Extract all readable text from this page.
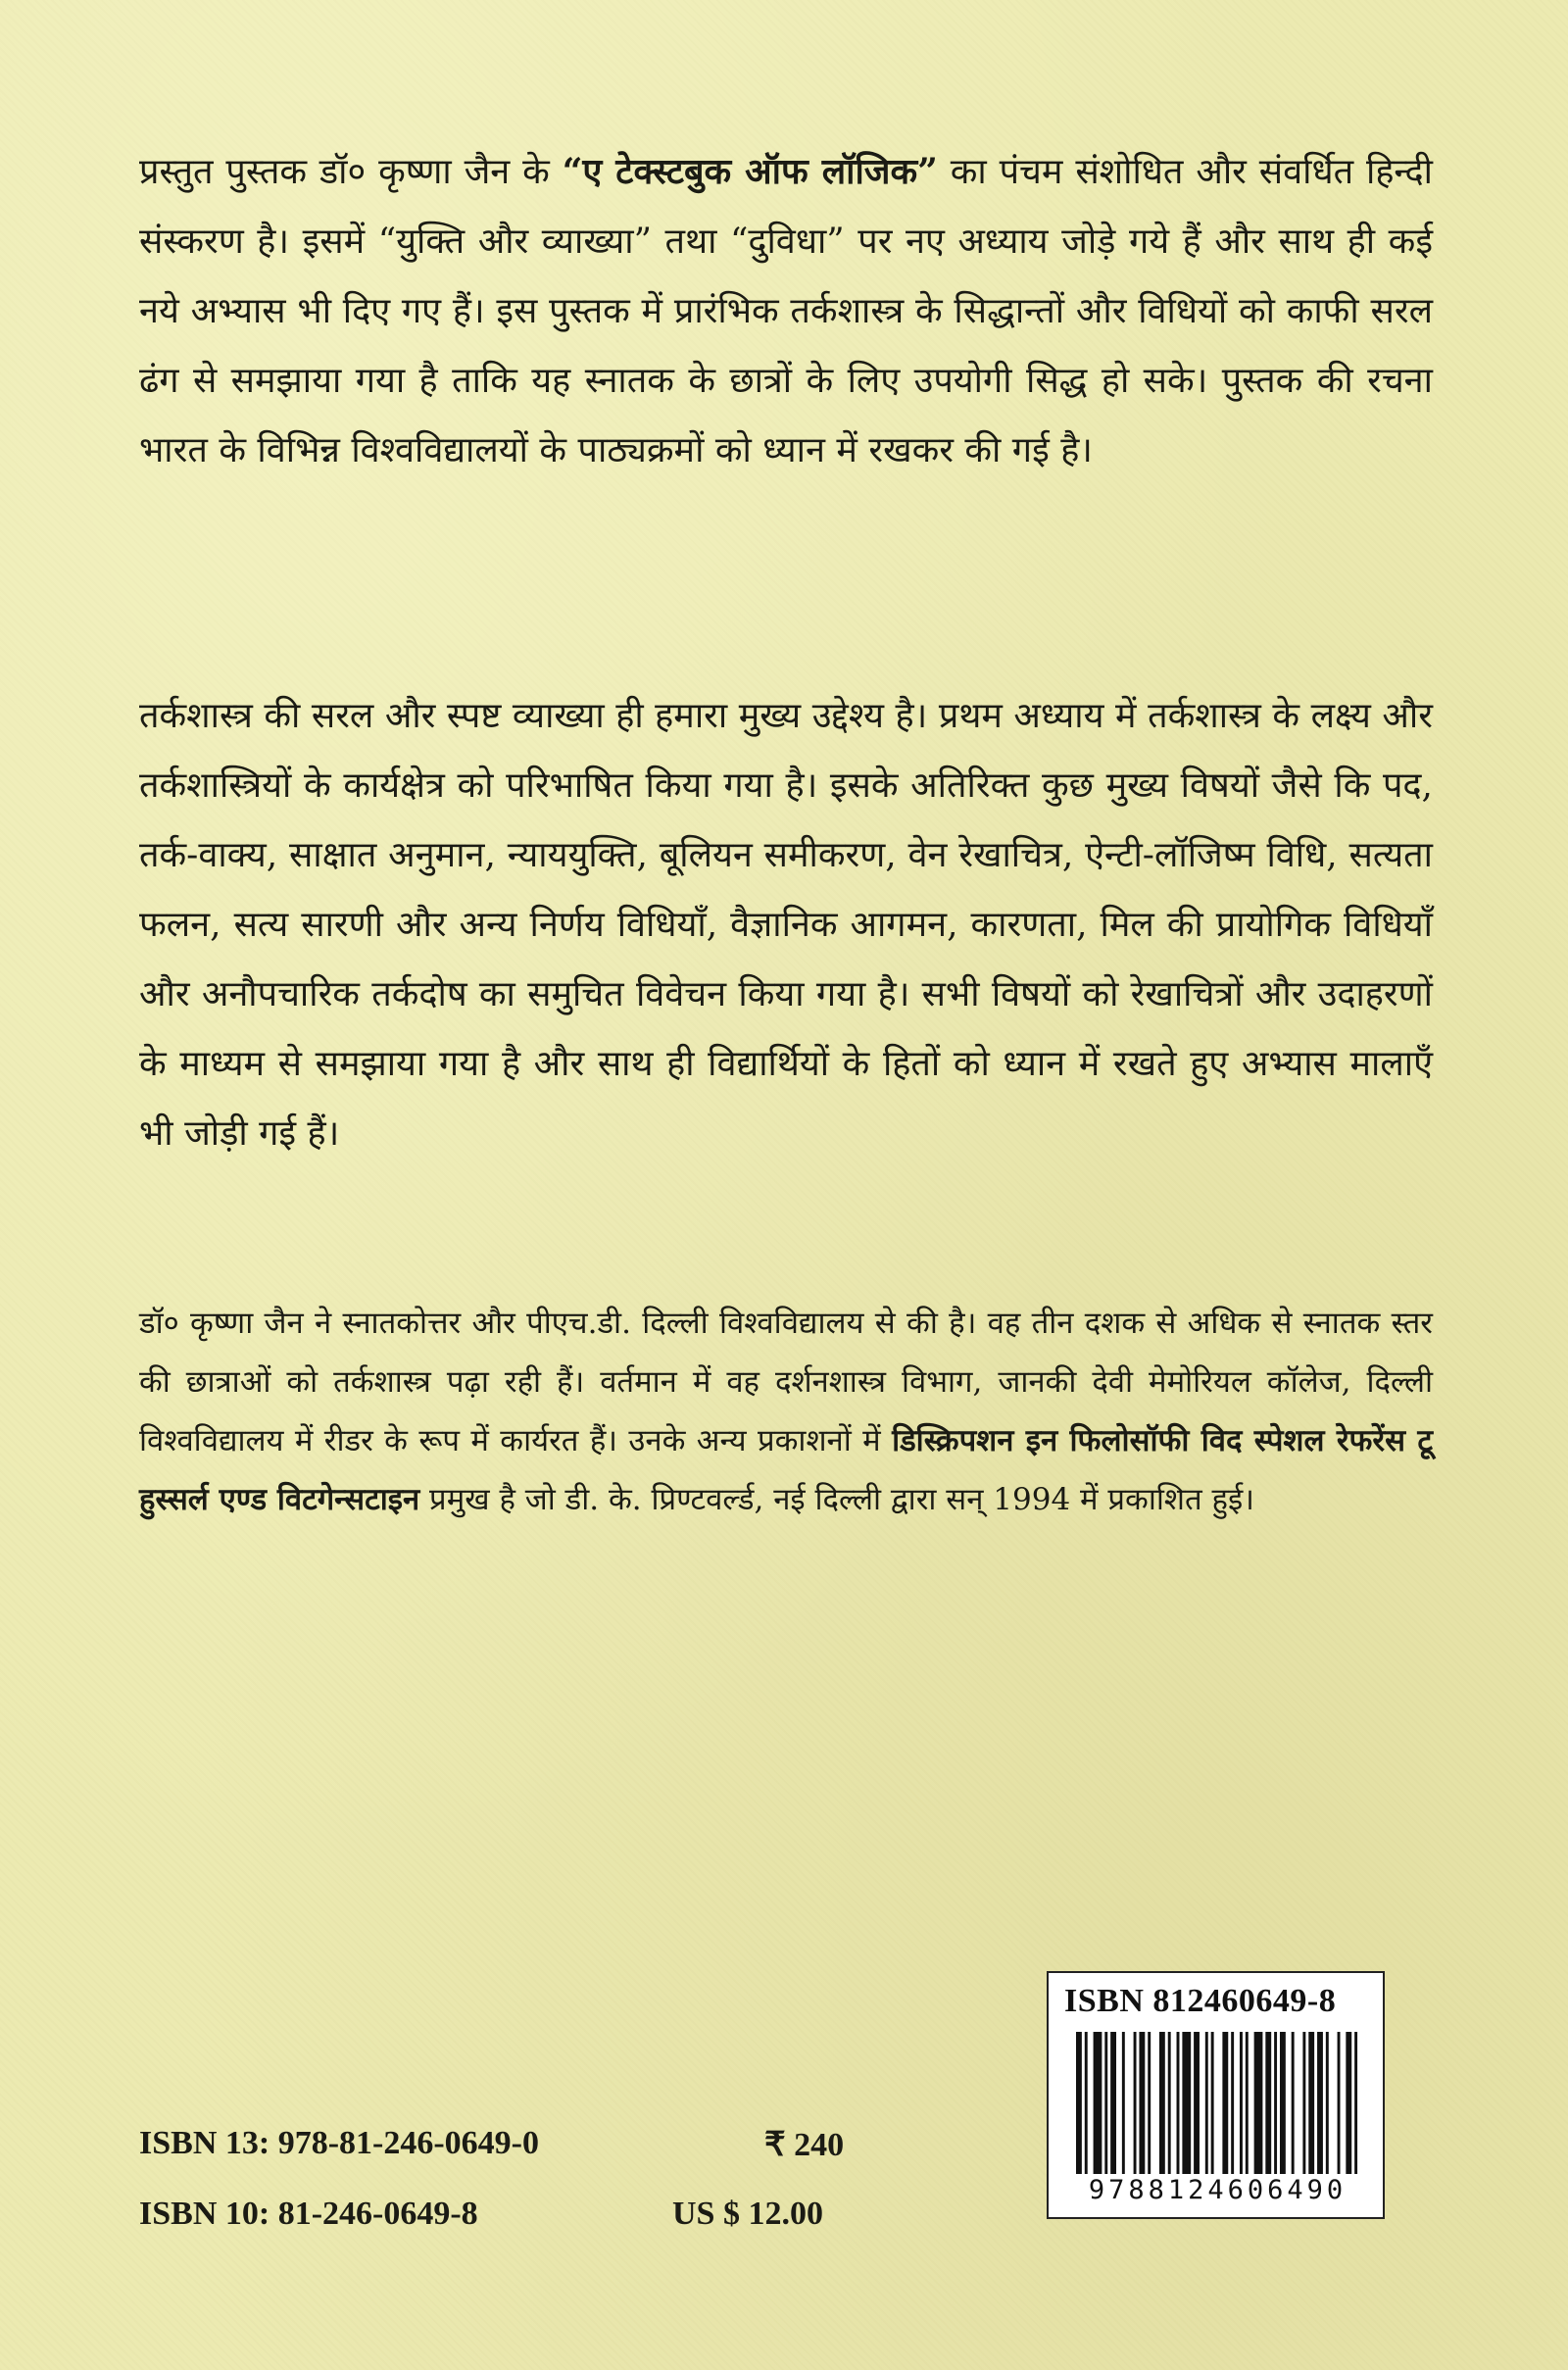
प्रस्तुत पुस्तक डॉ० कृष्णा जैन के “ए टेक्स्टबुक ऑफ लॉजिक” का पंचम संशोधित और संवर्धित हिन्दी संस्करण है। इसमें “युक्ति और व्याख्या” तथा “दुविधा” पर नए अध्याय जोड़े गये हैं और साथ ही कई नये अभ्यास भी दिए गए हैं। इस पुस्तक में प्रारंभिक तर्कशास्त्र के सिद्धान्तों और विधियों को काफी सरल ढंग से समझाया गया है ताकि यह स्नातक के छात्रों के लिए उपयोगी सिद्ध हो सके। पुस्तक की रचना भारत के विभिन्न विश्वविद्यालयों के पाठ्यक्रमों को ध्यान में रखकर की गई है।

तर्कशास्त्र की सरल और स्पष्ट व्याख्या ही हमारा मुख्य उद्देश्य है। प्रथम अध्याय में तर्कशास्त्र के लक्ष्य और तर्कशास्त्रियों के कार्यक्षेत्र को परिभाषित किया गया है। इसके अतिरिक्त कुछ मुख्य विषयों जैसे कि पद, तर्क-वाक्य, साक्षात अनुमान, न्याययुक्ति, बूलियन समीकरण, वेन रेखाचित्र, ऐन्टी-लॉजिष्म विधि, सत्यता फलन, सत्य सारणी और अन्य निर्णय विधियाँ, वैज्ञानिक आगमन, कारणता, मिल की प्रायोगिक विधियाँ और अनौपचारिक तर्कदोष का समुचित विवेचन किया गया है। सभी विषयों को रेखाचित्रों और उदाहरणों के माध्यम से समझाया गया है और साथ ही विद्यार्थियों के हितों को ध्यान में रखते हुए अभ्यास मालाएँ भी जोड़ी गई हैं।

डॉ० कृष्णा जैन ने स्नातकोत्तर और पीएच.डी. दिल्ली विश्वविद्यालय से की है। वह तीन दशक से अधिक से स्नातक स्तर की छात्राओं को तर्कशास्त्र पढ़ा रही हैं। वर्तमान में वह दर्शनशास्त्र विभाग, जानकी देवी मेमोरियल कॉलेज, दिल्ली विश्वविद्यालय में रीडर के रूप में कार्यरत हैं। उनके अन्य प्रकाशनों में डिस्क्रिपशन इन फिलोसॉफी विद स्पेशल रेफरेंस टू हुस्सर्ल एण्ड विटगेन्सटाइन प्रमुख है जो डी. के. प्रिण्टवर्ल्ड, नई दिल्ली द्वारा सन् 1994 में प्रकाशित हुई।

ISBN 812460649-8
9788124606490
ISBN 13: 978-81-246-0649-0
ISBN 10: 81-246-0649-8
₹ 240
US $ 12.00
